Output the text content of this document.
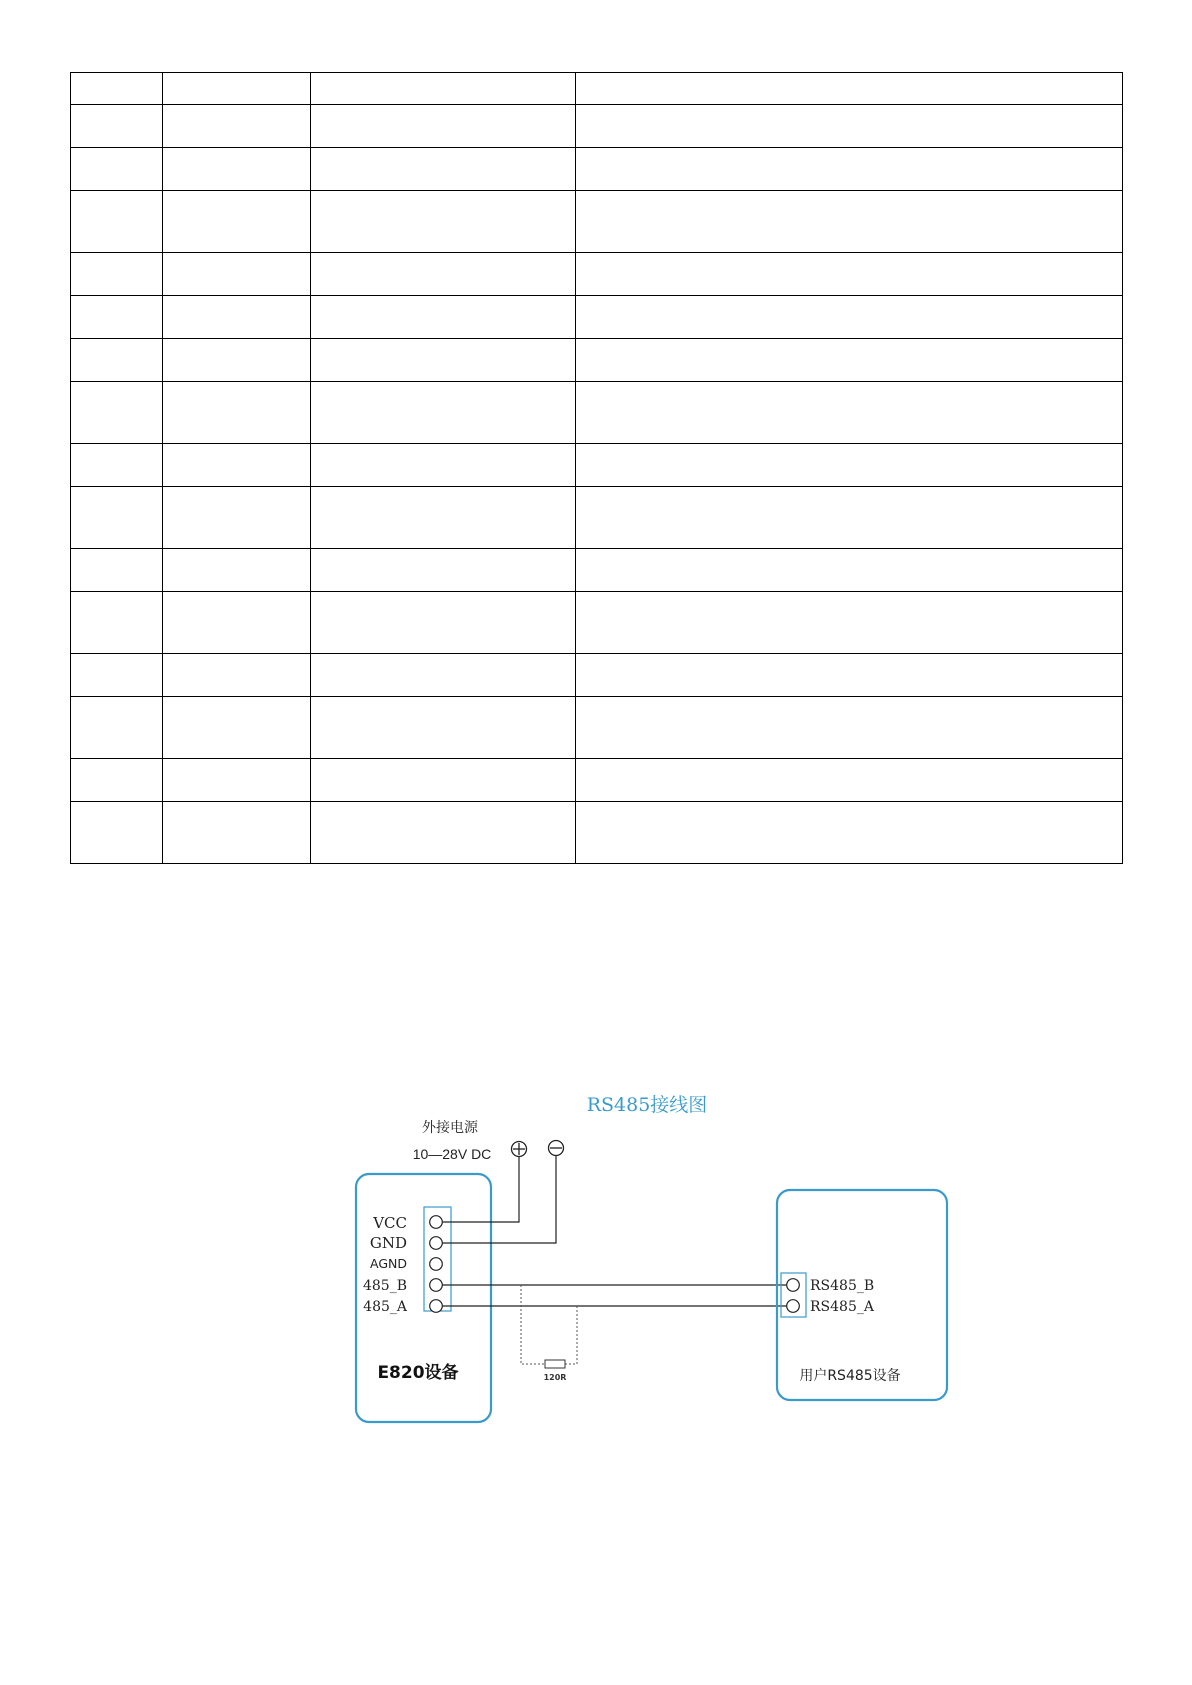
RS485接线图
外接电源
10—28V DC
VCC
GND
AGND
485_B
485_A
E820设备	120R
RS485_B
RS485_A
用户RS485设备
